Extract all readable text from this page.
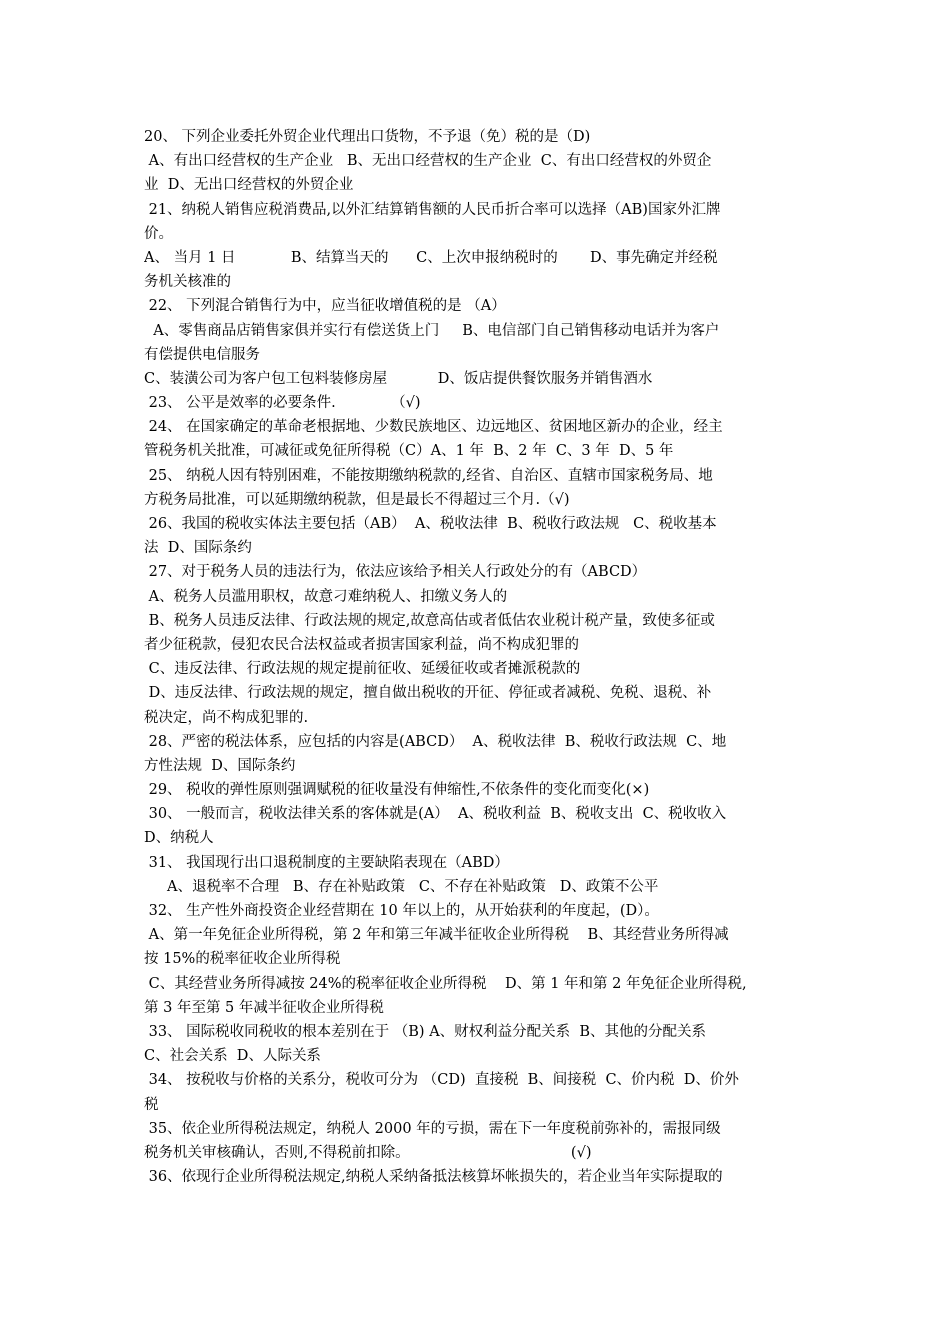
20、 下列企业委托外贸企业代理出口货物，不予退（免）税的是（D)
A、有出口经营权的生产企业   B、无出口经营权的生产企业  C、有出口经营权的外贸企
业  D、无出口经营权的外贸企业
21、纳税人销售应税消费品,以外汇结算销售额的人民币折合率可以选择（AB)国家外汇牌
价。
A、 当月 1 日            B、结算当天的      C、上次申报纳税时的       D、事先确定并经税
务机关核准的
22、 下列混合销售行为中，应当征收增值税的是 （A）
A、零售商品店销售家俱并实行有偿送货上门     B、电信部门自己销售移动电话并为客户
有偿提供电信服务
C、装潢公司为客户包工包料装修房屋           D、饭店提供餐饮服务并销售酒水
23、 公平是效率的必要条件.            （√)
24、 在国家确定的革命老根据地、少数民族地区、边远地区、贫困地区新办的企业，经主
管税务机关批准，可减征或免征所得税（C）A、1 年  B、2 年  C、3 年  D、5 年
25、 纳税人因有特别困难，不能按期缴纳税款的,经省、自治区、直辖市国家税务局、地
方税务局批准，可以延期缴纳税款，但是最长不得超过三个月.（√)
26、我国的税收实体法主要包括（AB）  A、税收法律  B、税收行政法规   C、税收基本
法  D、国际条约
27、对于税务人员的违法行为，依法应该给予相关人行政处分的有（ABCD）
A、税务人员滥用职权，故意刁难纳税人、扣缴义务人的
B、税务人员违反法律、行政法规的规定,故意高估或者低估农业税计税产量，致使多征或
者少征税款，侵犯农民合法权益或者损害国家利益，尚不构成犯罪的
C、违反法律、行政法规的规定提前征收、延缓征收或者摊派税款的
D、违反法律、行政法规的规定，擅自做出税收的开征、停征或者减税、免税、退税、补
税决定，尚不构成犯罪的.
28、严密的税法体系，应包括的内容是(ABCD）  A、税收法律  B、税收行政法规  C、地
方性法规  D、国际条约
29、 税收的弹性原则强调赋税的征收量没有伸缩性,不依条件的变化而变化(×)
30、 一般而言，税收法律关系的客体就是(A）  A、税收利益  B、税收支出  C、税收收入
D、纳税人
31、 我国现行出口退税制度的主要缺陷表现在（ABD）
A、退税率不合理   B、存在补贴政策   C、不存在补贴政策   D、政策不公平
32、 生产性外商投资企业经营期在 10 年以上的，从开始获利的年度起，(D）。
A、第一年免征企业所得税，第 2 年和第三年减半征收企业所得税    B、其经营业务所得减
按 15%的税率征收企业所得税
C、其经营业务所得减按 24%的税率征收企业所得税    D、第 1 年和第 2 年免征企业所得税,
第 3 年至第 5 年减半征收企业所得税
33、 国际税收同税收的根本差别在于 （B) A、财权利益分配关系  B、其他的分配关系
C、社会关系  D、人际关系
34、 按税收与价格的关系分，税收可分为 （CD)  直接税  B、间接税  C、价内税  D、价外
税
35、依企业所得税法规定，纳税人 2000 年的亏损，需在下一年度税前弥补的，需报同级
税务机关审核确认，否则,不得税前扣除。                                   (√)
36、依现行企业所得税法规定,纳税人采纳备抵法核算坏帐损失的，若企业当年实际提取的
